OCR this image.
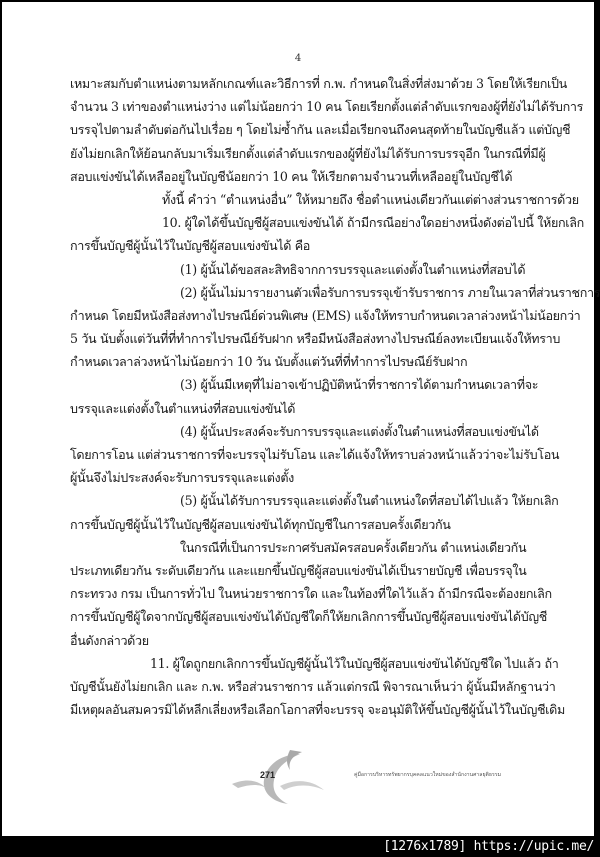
4
เหมาะสมกับตำแหน่งตามหลักเกณฑ์และวิธีการที่ ก.พ. กำหนดในสิ่งที่ส่งมาด้วย 3 โดยให้เรียกเป็น
จำนวน 3 เท่าของตำแหน่งว่าง แต่ไม่น้อยกว่า 10 คน โดยเรียกตั้งแต่ลำดับแรกของผู้ที่ยังไม่ได้รับการ
บรรจุไปตามลำดับต่อกันไปเรื่อย ๆ โดยไม่ซ้ำกัน และเมื่อเรียกจนถึงคนสุดท้ายในบัญชีแล้ว แต่บัญชี
ยังไม่ยกเลิกให้ย้อนกลับมาเริ่มเรียกตั้งแต่ลำดับแรกของผู้ที่ยังไม่ได้รับการบรรจุอีก ในกรณีที่มีผู้
สอบแข่งขันได้เหลืออยู่ในบัญชีน้อยกว่า 10 คน ให้เรียกตามจำนวนที่เหลืออยู่ในบัญชีได้
ทั้งนี้ คำว่า “ตำแหน่งอื่น” ให้หมายถึง ชื่อตำแหน่งเดียวกันแต่ต่างส่วนราชการด้วย
10. ผู้ใดได้ขึ้นบัญชีผู้สอบแข่งขันได้ ถ้ามีกรณีอย่างใดอย่างหนึ่งดังต่อไปนี้ ให้ยกเลิก
การขึ้นบัญชีผู้นั้นไว้ในบัญชีผู้สอบแข่งขันได้ คือ
(1) ผู้นั้นได้ขอสละสิทธิจากการบรรจุและแต่งตั้งในตำแหน่งที่สอบได้
(2) ผู้นั้นไม่มารายงานตัวเพื่อรับการบรรจุเข้ารับราชการ ภายในเวลาที่ส่วนราชการ
กำหนด โดยมีหนังสือส่งทางไปรษณีย์ด่วนพิเศษ (EMS) แจ้งให้ทราบกำหนดเวลาล่วงหน้าไม่น้อยกว่า
5 วัน นับตั้งแต่วันที่ที่ทำการไปรษณีย์รับฝาก หรือมีหนังสือส่งทางไปรษณีย์ลงทะเบียนแจ้งให้ทราบ
กำหนดเวลาล่วงหน้าไม่น้อยกว่า 10 วัน นับตั้งแต่วันที่ที่ทำการไปรษณีย์รับฝาก
(3) ผู้นั้นมีเหตุที่ไม่อาจเข้าปฏิบัติหน้าที่ราชการได้ตามกำหนดเวลาที่จะ
บรรจุและแต่งตั้งในตำแหน่งที่สอบแข่งขันได้
(4) ผู้นั้นประสงค์จะรับการบรรจุและแต่งตั้งในตำแหน่งที่สอบแข่งขันได้
โดยการโอน แต่ส่วนราชการที่จะบรรจุไม่รับโอน และได้แจ้งให้ทราบล่วงหน้าแล้วว่าจะไม่รับโอน
ผู้นั้นจึงไม่ประสงค์จะรับการบรรจุและแต่งตั้ง
(5) ผู้นั้นได้รับการบรรจุและแต่งตั้งในตำแหน่งใดที่สอบได้ไปแล้ว ให้ยกเลิก
การขึ้นบัญชีผู้นั้นไว้ในบัญชีผู้สอบแข่งขันได้ทุกบัญชีในการสอบครั้งเดียวกัน
ในกรณีที่เป็นการประกาศรับสมัครสอบครั้งเดียวกัน ตำแหน่งเดียวกัน
ประเภทเดียวกัน ระดับเดียวกัน และแยกขึ้นบัญชีผู้สอบแข่งขันได้เป็นรายบัญชี เพื่อบรรจุใน
กระทรวง กรม เป็นการทั่วไป ในหน่วยราชการใด และในท้องที่ใดไว้แล้ว ถ้ามีกรณีจะต้องยกเลิก
การขึ้นบัญชีผู้ใดจากบัญชีผู้สอบแข่งขันได้บัญชีใดก็ให้ยกเลิกการขึ้นบัญชีผู้สอบแข่งขันได้บัญชี
อื่นดังกล่าวด้วย
11. ผู้ใดถูกยกเลิกการขึ้นบัญชีผู้นั้นไว้ในบัญชีผู้สอบแข่งขันได้บัญชีใด ไปแล้ว ถ้า
บัญชีนั้นยังไม่ยกเลิก และ ก.พ. หรือส่วนราชการ แล้วแต่กรณี พิจารณาเห็นว่า ผู้นั้นมีหลักฐานว่า
มีเหตุผลอันสมควรมิได้หลีกเลี่ยงหรือเลือกโอกาสที่จะบรรจุ จะอนุมัติให้ขึ้นบัญชีผู้นั้นไว้ในบัญชีเดิม
271	คู่มือการบริหารทรัพยากรบุคคลแนวใหม่ของสำนักงานศาลยุติธรรม
[1276x1789] https://upic.me/
